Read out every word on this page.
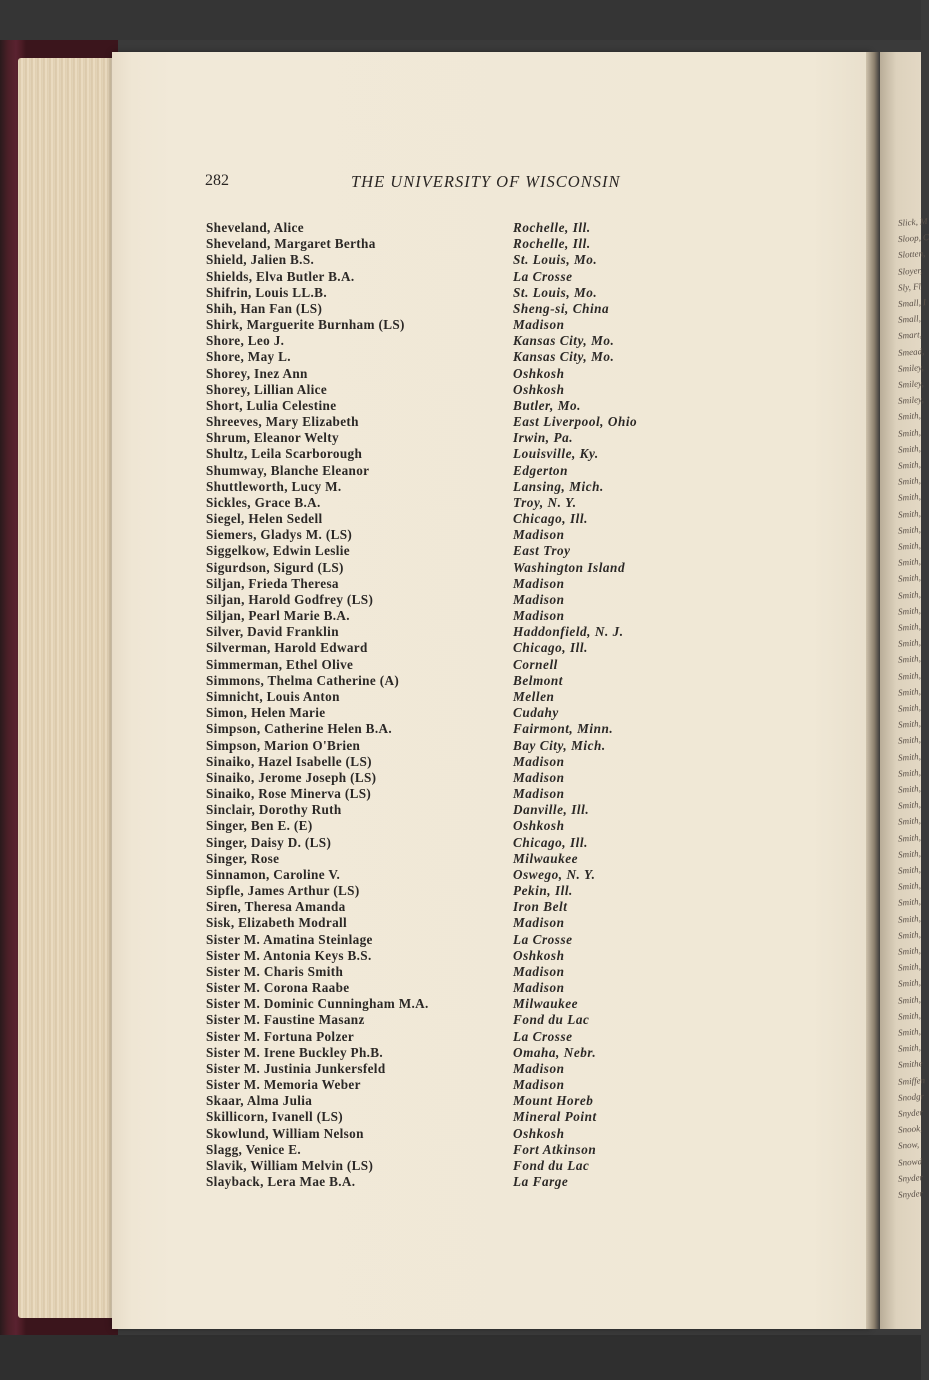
Slick, M
Sloop, C
Slotten,
Sloyer,
Sly, Fl
Small, I
Small,
Smart,
Smead,
Smiley,
Smiley,
Smiley,
Smith,
Smith,
Smith,
Smith,
Smith,
Smith,
Smith,
Smith,
Smith,
Smith,
Smith,
Smith,
Smith,
Smith,
Smith,
Smith,
Smith,
Smith,
Smith,
Smith,
Smith,
Smith,
Smith,
Smith,
Smith,
Smith,
Smith,
Smith,
Smith,
Smith,
Smith,
Smith,
Smith,
Smith,
Smith,
Smith,
Smith,
Smith,
Smith,
Smith,
Smithe
Smiffen
Snodgr
Snyder
Snook,
Snow,
Snowd
Snyder
Snyder
282	THE UNIVERSITY OF WISCONSIN
Sheveland, Alice	Rochelle, Ill.
Sheveland, Margaret Bertha	Rochelle, Ill.
Shield, Jalien B.S.	St. Louis, Mo.
Shields, Elva Butler B.A.	La Crosse
Shifrin, Louis LL.B.	St. Louis, Mo.
Shih, Han Fan (LS)	Sheng-si, China
Shirk, Marguerite Burnham (LS)	Madison
Shore, Leo J.	Kansas City, Mo.
Shore, May L.	Kansas City, Mo.
Shorey, Inez Ann	Oshkosh
Shorey, Lillian Alice	Oshkosh
Short, Lulia Celestine	Butler, Mo.
Shreeves, Mary Elizabeth	East Liverpool, Ohio
Shrum, Eleanor Welty	Irwin, Pa.
Shultz, Leila Scarborough	Louisville, Ky.
Shumway, Blanche Eleanor	Edgerton
Shuttleworth, Lucy M.	Lansing, Mich.
Sickles, Grace B.A.	Troy, N. Y.
Siegel, Helen Sedell	Chicago, Ill.
Siemers, Gladys M. (LS)	Madison
Siggelkow, Edwin Leslie	East Troy
Sigurdson, Sigurd (LS)	Washington Island
Siljan, Frieda Theresa	Madison
Siljan, Harold Godfrey (LS)	Madison
Siljan, Pearl Marie B.A.	Madison
Silver, David Franklin	Haddonfield, N. J.
Silverman, Harold Edward	Chicago, Ill.
Simmerman, Ethel Olive	Cornell
Simmons, Thelma Catherine (A)	Belmont
Simnicht, Louis Anton	Mellen
Simon, Helen Marie	Cudahy
Simpson, Catherine Helen B.A.	Fairmont, Minn.
Simpson, Marion O'Brien	Bay City, Mich.
Sinaiko, Hazel Isabelle (LS)	Madison
Sinaiko, Jerome Joseph (LS)	Madison
Sinaiko, Rose Minerva (LS)	Madison
Sinclair, Dorothy Ruth	Danville, Ill.
Singer, Ben E. (E)	Oshkosh
Singer, Daisy D. (LS)	Chicago, Ill.
Singer, Rose	Milwaukee
Sinnamon, Caroline V.	Oswego, N. Y.
Sipfle, James Arthur (LS)	Pekin, Ill.
Siren, Theresa Amanda	Iron Belt
Sisk, Elizabeth Modrall	Madison
Sister M. Amatina Steinlage	La Crosse
Sister M. Antonia Keys B.S.	Oshkosh
Sister M. Charis Smith	Madison
Sister M. Corona Raabe	Madison
Sister M. Dominic Cunningham M.A.	Milwaukee
Sister M. Faustine Masanz	Fond du Lac
Sister M. Fortuna Polzer	La Crosse
Sister M. Irene Buckley Ph.B.	Omaha, Nebr.
Sister M. Justinia Junkersfeld	Madison
Sister M. Memoria Weber	Madison
Skaar, Alma Julia	Mount Horeb
Skillicorn, Ivanell (LS)	Mineral Point
Skowlund, William Nelson	Oshkosh
Slagg, Venice E.	Fort Atkinson
Slavik, William Melvin (LS)	Fond du Lac
Slayback, Lera Mae B.A.	La Farge
